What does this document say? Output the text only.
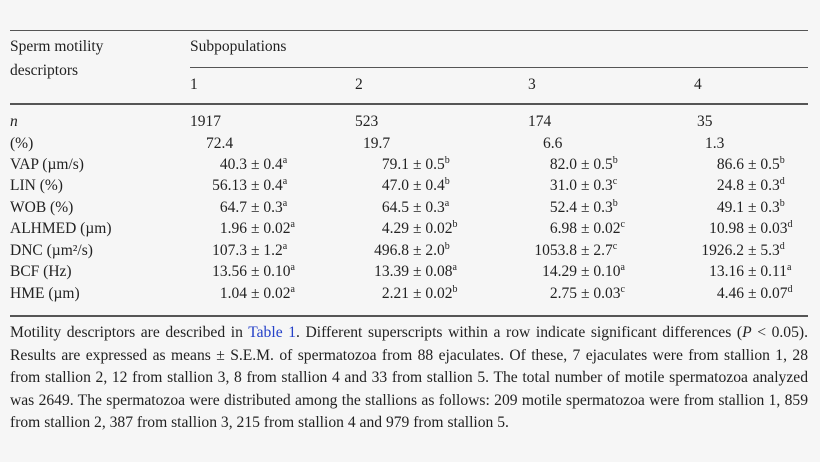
Sperm motility
descriptors
Subpopulations
1	2	3	4
n	1917	523	174	35
(%)	72.4	19.7	6.6	1.3
VAP (µm/s)	40.3 ± 0.4$^a$	79.1 ± 0.5$^b$	82.0 ± 0.5$^b$	86.6 ± 0.5$^b$
LIN (%)	56.13 ± 0.4$^a$	47.0 ± 0.4$^b$	31.0 ± 0.3$^c$	24.8 ± 0.3$^d$
WOB (%)	64.7 ± 0.3$^a$	64.5 ± 0.3$^a$	52.4 ± 0.3$^b$	49.1 ± 0.3$^b$
ALHMED (µm)	1.96 ± 0.02$^a$	4.29 ± 0.02$^b$	6.98 ± 0.02$^c$	10.98 ± 0.03$^d$
DNC (µm²/s)	107.3 ± 1.2$^a$	496.8 ± 2.0$^b$	1053.8 ± 2.7$^c$	1926.2 ± 5.3$^d$
BCF (Hz)	13.56 ± 0.10$^a$	13.39 ± 0.08$^a$	14.29 ± 0.10$^a$	13.16 ± 0.11$^a$
HME (µm)	1.04 ± 0.02$^a$	2.21 ± 0.02$^b$	2.75 ± 0.03$^c$	4.46 ± 0.07$^d$
Motility descriptors are described in Table 1. Different superscripts within a row indicate significant differences (P < 0.05). Results are expressed as means ± S.E.M. of spermatozoa from 88 ejaculates. Of these, 7 ejaculates were from stallion 1, 28 from stallion 2, 12 from stallion 3, 8 from stallion 4 and 33 from stallion 5. The total number of motile spermatozoa analyzed was 2649. The spermatozoa were distributed among the stallions as follows: 209 motile spermatozoa were from stallion 1, 859 from stallion 2, 387 from stallion 3, 215 from stallion 4 and 979 from stallion 5.
